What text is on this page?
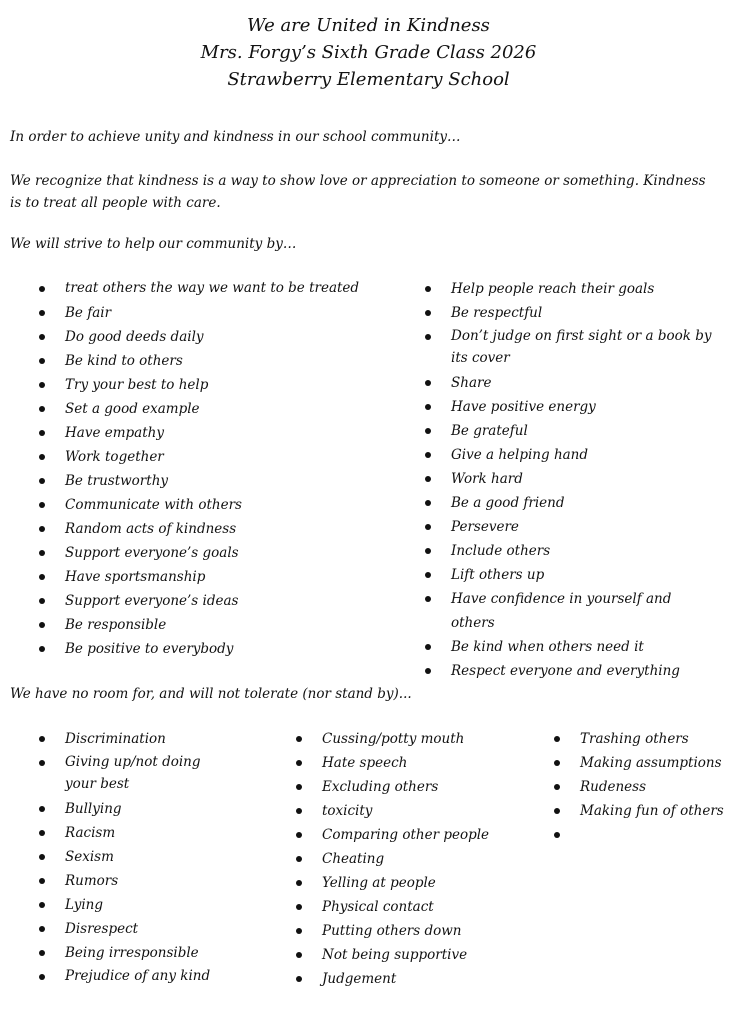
We are United in Kindness
Mrs. Forgy’s Sixth Grade Class 2026
Strawberry Elementary School
In order to achieve unity and kindness in our school community…
We recognize that kindness is a way to show love or appreciation to someone or something. Kindness is to treat all people with care.
We will strive to help our community by…
treat others the way we want to be treated
Be fair
Do good deeds daily
Be kind to others
Try your best to help
Set a good example
Have empathy
Work together
Be trustworthy
Communicate with others
Random acts of kindness
Support everyone’s goals
Have sportsmanship
Support everyone’s ideas
Be responsible
Be positive to everybody
Help people reach their goals
Be respectful
Don’t judge on first sight or a book by its cover
Share
Have positive energy
Be grateful
Give a helping hand
Work hard
Be a good friend
Persevere
Include others
Lift others up
Have confidence in yourself and others
Be kind when others need it
Respect everyone and everything
We have no room for, and will not tolerate (nor stand by)...
Discrimination
Giving up/not doing your best
Bullying
Racism
Sexism
Rumors
Lying
Disrespect
Being irresponsible
Prejudice of any kind
Cussing/potty mouth
Hate speech
Excluding others
toxicity
Comparing other people
Cheating
Yelling at people
Physical contact
Putting others down
Not being supportive
Judgement
Trashing others
Making assumptions
Rudeness
Making fun of others
